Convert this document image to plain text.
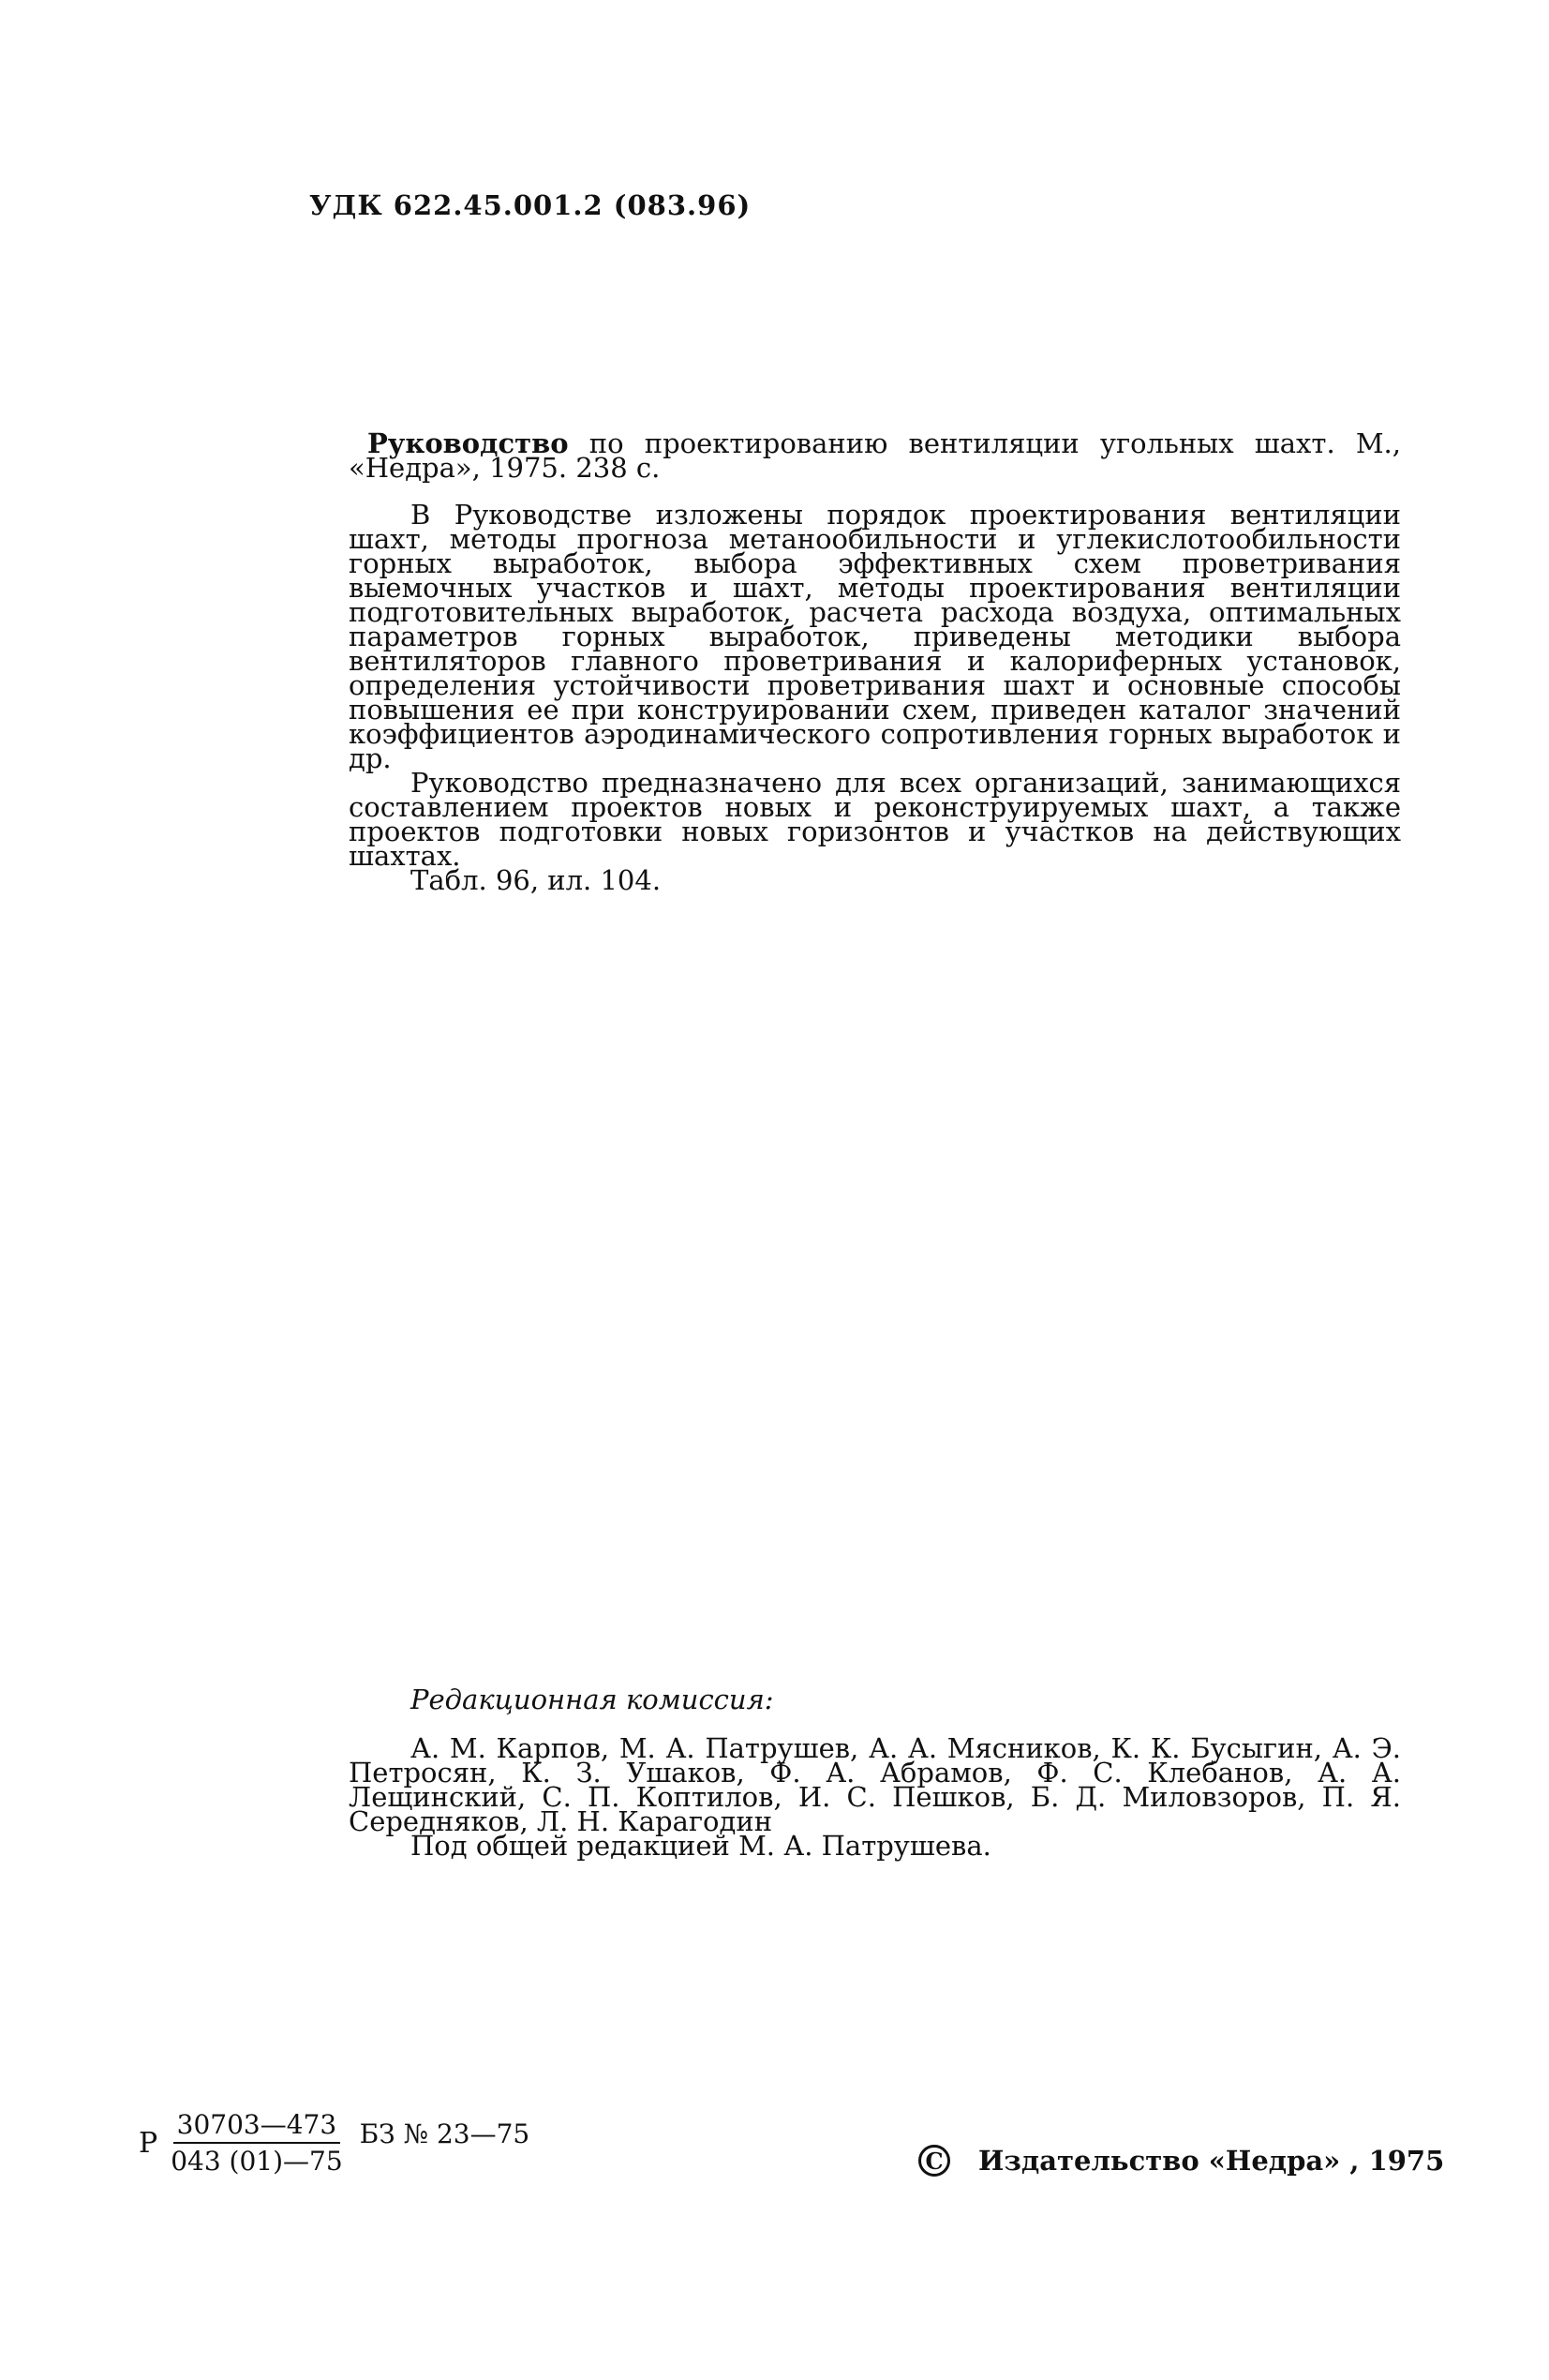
УДК 622.45.001.2 (083.96)

Руководство по проектированию вентиляции угольных шахт. М., «Недра», 1975. 238 с.

В Руководстве изложены порядок проектирования вентиляции шахт, методы прогноза метанообильности и углекислотообильности горных выработок, выбора эффективных схем проветривания выемочных участков и шахт, методы проектирования вентиляции подготовительных выработок, расчета расхода воздуха, оптимальных параметров горных выработок, приведены методики выбора вентиляторов главного проветривания и калориферных установок, определения устойчивости проветривания шахт и основные способы повышения ее при конструировании схем, приведен каталог значений коэффициентов аэродинамического сопротивления горных выработок и др.

Руководство предназначено для всех организаций, занимающихся составлением проектов новых и реконструируемых шахт, а также проектов подготовки новых горизонтов и участков на действующих шахтах.

Табл. 96, ил. 104.

Редакционная комиссия:

А. М. Карпов, М. А. Патрушев, А. А. Мясников, К. К. Бусыгин, А. Э. Петросян, К. З. Ушаков, Ф. А. Абрамов, Ф. С. Клебанов, А. А. Лещинский, С. П. Коптилов, И. С. Пешков, Б. Д. Миловзоров, П. Я. Середняков, Л. Н. Карагодин

Под общей редакцией М. А. Патрушева.

Р $\frac{30703—473}{043 (01)—75}$ БЗ № 23—75
C Издательство «Недра» , 1975
